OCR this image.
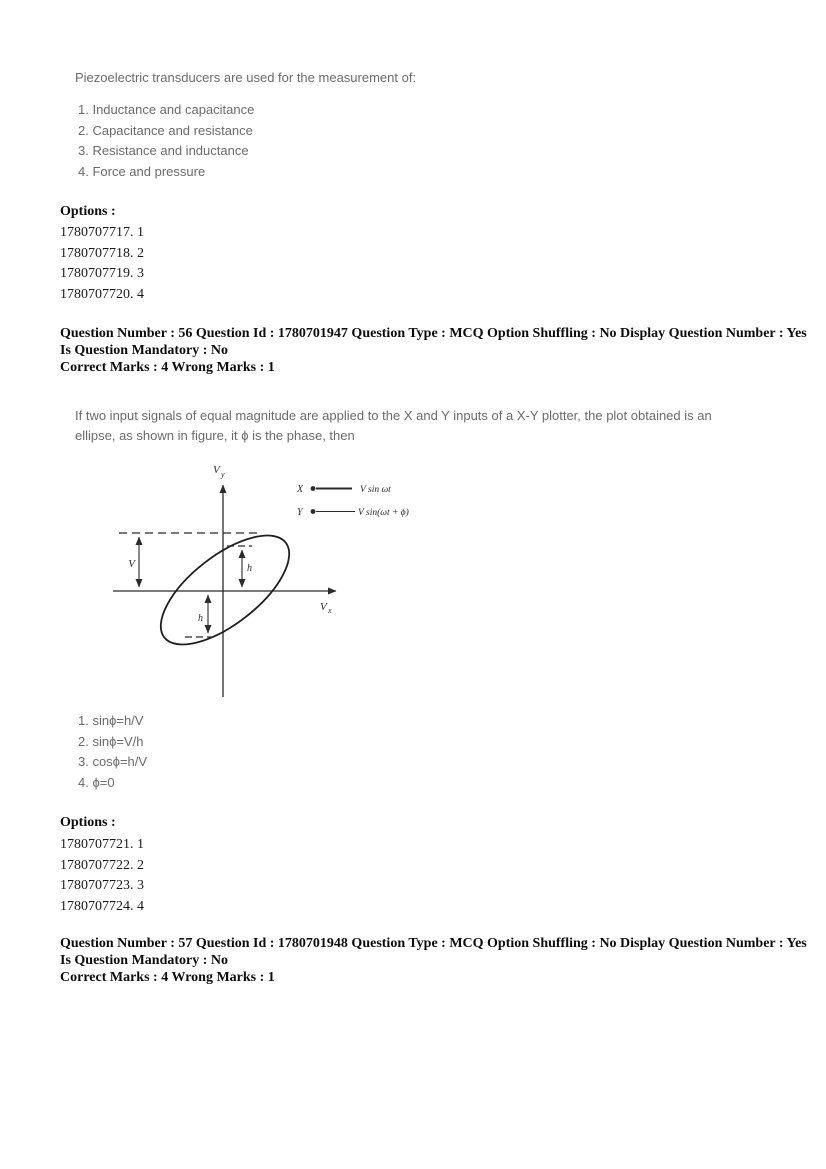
Piezoelectric transducers are used for the measurement of:
1. Inductance and capacitance
2. Capacitance and resistance
3. Resistance and inductance
4. Force and pressure
Options :
1780707717. 1
1780707718. 2
1780707719. 3
1780707720. 4
Question Number : 56 Question Id : 1780701947 Question Type : MCQ Option Shuffling : No Display Question Number : Yes
Is Question Mandatory : No
Correct Marks : 4 Wrong Marks : 1
If two input signals of equal magnitude are applied to the X and Y inputs of a X-Y plotter, the plot obtained is an
ellipse, as shown in figure, it ϕ is the phase, then
V y
V x
X	V sin ωt
Y	V sin(ωt + ϕ)
V	h
h
1. sinϕ=h/V
2. sinϕ=V/h
3. cosϕ=h/V
4. ϕ=0
Options :
1780707721. 1
1780707722. 2
1780707723. 3
1780707724. 4
Question Number : 57 Question Id : 1780701948 Question Type : MCQ Option Shuffling : No Display Question Number : Yes
Is Question Mandatory : No
Correct Marks : 4 Wrong Marks : 1
